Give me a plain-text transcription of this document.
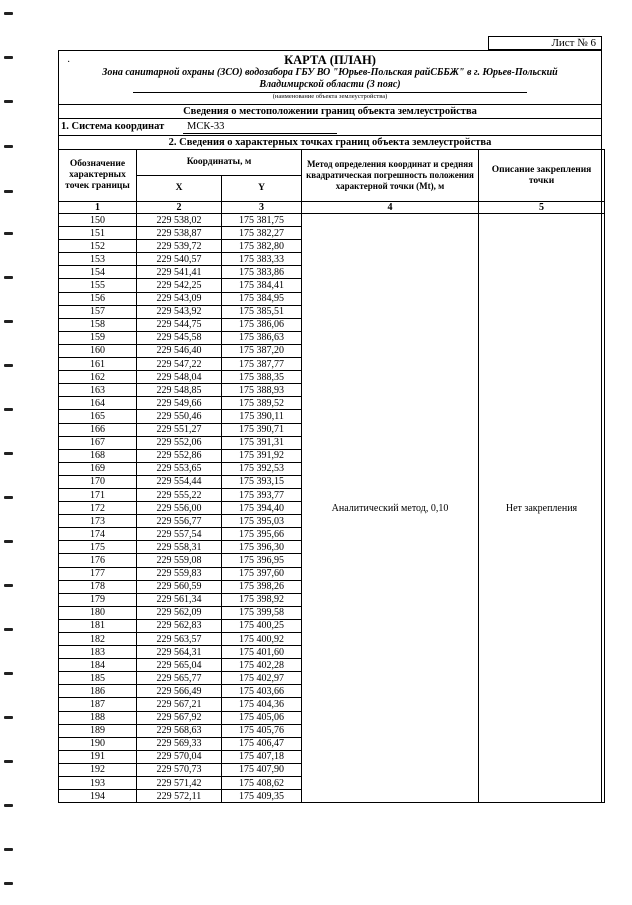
Лист № 6
·	КАРТА (ПЛАН)
Зона санитарной охраны (ЗСО) водозабора ГБУ ВО "Юрьев-Польская райСББЖ" в г. Юрьев-Польский
Владимирской области (3 пояс)
(наименование объекта землеустройства)
Сведения о местоположении границ объекта землеустройства
1. Система координат	МСК-33
2. Сведения о характерных точках границ объекта землеустройства
Обозначение характерных точек границы	Координаты, м		Метод определения координат и средняя квадратическая погрешность положения характерной точки (Mt), м	Описание закрепления точки
	X	Y		
1	2	3	4	5
150	229 538,02	175 381,75	Аналитический метод, 0,10	Нет закрепления
151	229 538,87	175 382,27		
152	229 539,72	175 382,80		
153	229 540,57	175 383,33		
154	229 541,41	175 383,86		
155	229 542,25	175 384,41		
156	229 543,09	175 384,95		
157	229 543,92	175 385,51		
158	229 544,75	175 386,06		
159	229 545,58	175 386,63		
160	229 546,40	175 387,20		
161	229 547,22	175 387,77		
162	229 548,04	175 388,35		
163	229 548,85	175 388,93		
164	229 549,66	175 389,52		
165	229 550,46	175 390,11		
166	229 551,27	175 390,71		
167	229 552,06	175 391,31		
168	229 552,86	175 391,92		
169	229 553,65	175 392,53		
170	229 554,44	175 393,15		
171	229 555,22	175 393,77		
172	229 556,00	175 394,40		
173	229 556,77	175 395,03		
174	229 557,54	175 395,66		
175	229 558,31	175 396,30		
176	229 559,08	175 396,95		
177	229 559,83	175 397,60		
178	229 560,59	175 398,26		
179	229 561,34	175 398,92		
180	229 562,09	175 399,58		
181	229 562,83	175 400,25		
182	229 563,57	175 400,92		
183	229 564,31	175 401,60		
184	229 565,04	175 402,28		
185	229 565,77	175 402,97		
186	229 566,49	175 403,66		
187	229 567,21	175 404,36		
188	229 567,92	175 405,06		
189	229 568,63	175 405,76		
190	229 569,33	175 406,47		
191	229 570,04	175 407,18		
192	229 570,73	175 407,90		
193	229 571,42	175 408,62		
194	229 572,11	175 409,35		
